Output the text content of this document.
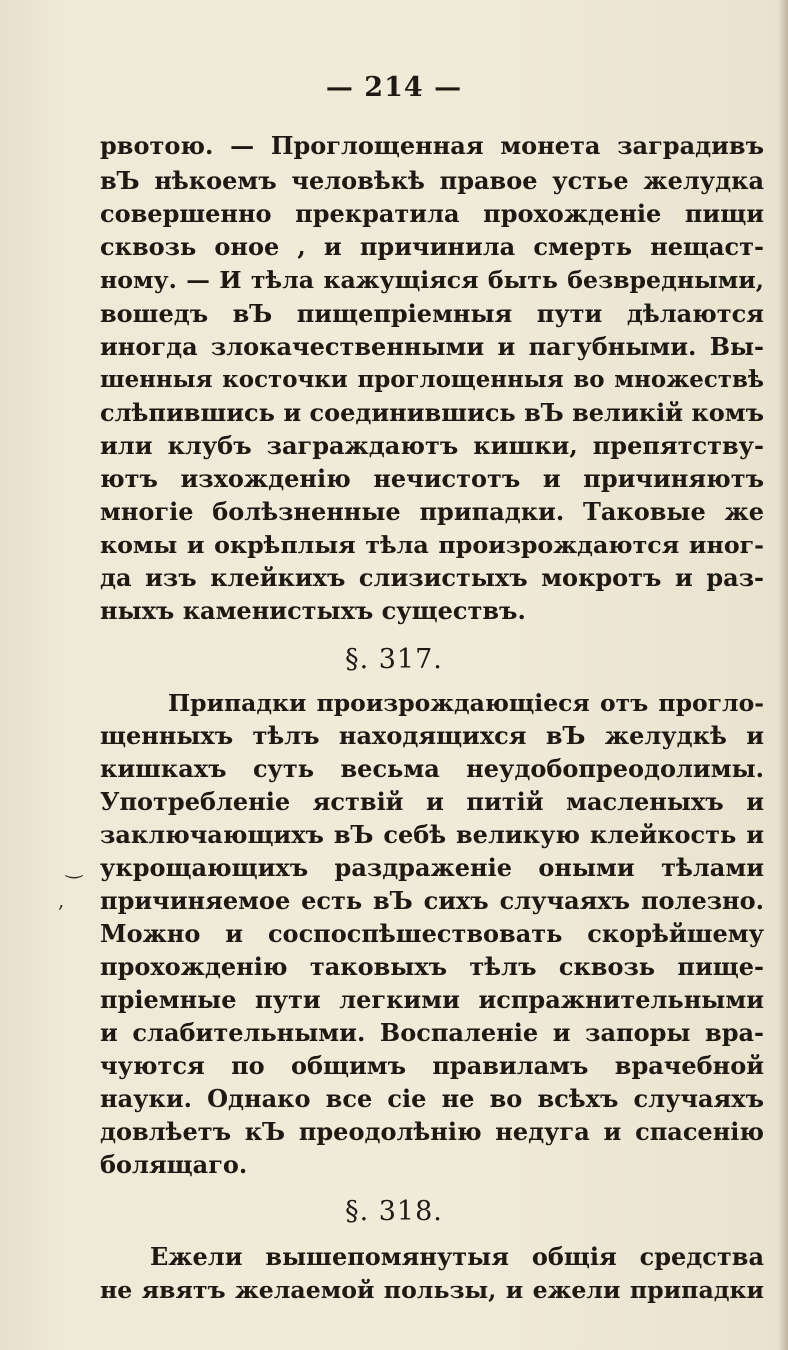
— 214 —
рвотою. — Проглощенная монета заградивъ
вЪ нѣкоемъ человѣкѣ правое устье желудка
совершенно прекратила прохожденіе пищи
сквозь оное , и причинила смерть нещаст-
ному. — И тѣла кажущіяся быть безвредными,
вошедъ вЪ пищепріемныя пути дѣлаются
иногда злокачественными и пагубными. Вы-
шенныя косточки проглощенныя во множествѣ
слѣпившись и соединившись вЪ великій комъ
или клубъ заграждаютъ кишки, препятству-
ютъ изхожденію нечистотъ и причиняютъ
многіе болѣзненные припадки. Таковые же
комы и окрѣплыя тѣла произрождаются иног-
да изъ клейкихъ слизистыхъ мокротъ и раз-
ныхъ каменистыхъ существъ.
§. 317.
Припадки произрождающіеся отъ прогло-
щенныхъ тѣлъ находящихся вЪ желудкѣ и
кишкахъ суть весьма неудобопреодолимы.
Употребленіе яствій и питій масленыхъ и
заключающихъ вЪ себѣ великую клейкость и
укрощающихъ раздраженіе оными тѣлами
причиняемое есть вЪ сихъ случаяхъ полезно.
Можно и соспоспѣшествовать скорѣйшему
прохожденію таковыхъ тѣлъ сквозь пище-
пріемные пути легкими испражнительными
и слабительными. Воспаленіе и запоры вра-
чуются по общимъ правиламъ врачебной
науки. Однако все сіе не во всѣхъ случаяхъ
довлѣетъ кЪ преодолѣнію недуга и спасенію
болящаго.
§. 318.
Ежели вышепомянутыя общія средства
не явятъ желаемой пользы, и ежели припадки
‿
,
